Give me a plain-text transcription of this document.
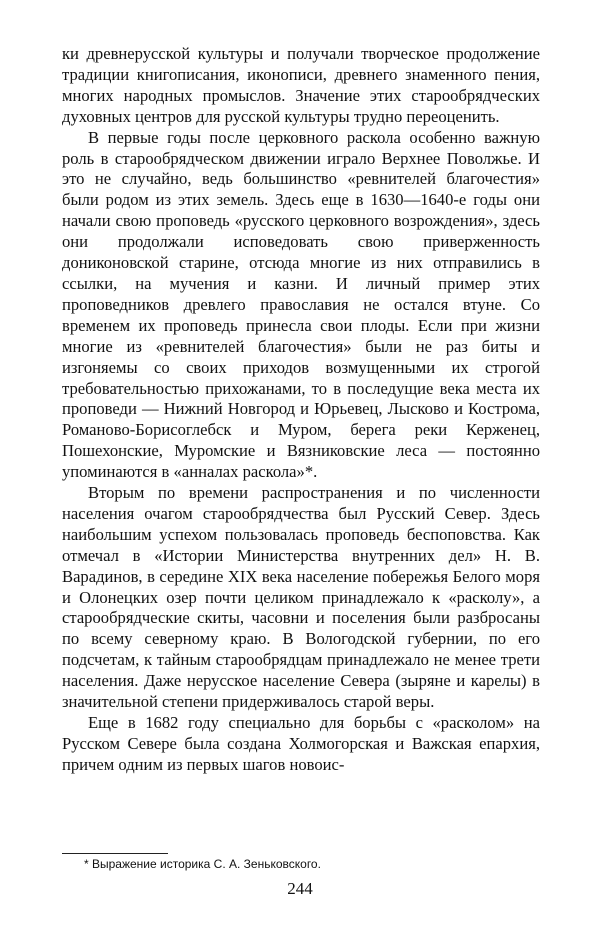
ки древнерусской культуры и получали творческое продолжение традиции книгописания, иконописи, древнего знаменного пения, многих народных промыслов. Значение этих старообрядческих духовных центров для русской культуры трудно переоценить.

В первые годы после церковного раскола особенно важную роль в старообрядческом движении играло Верхнее Поволжье. И это не случайно, ведь большинство «ревнителей благочестия» были родом из этих земель. Здесь еще в 1630—1640-е годы они начали свою проповедь «русского церковного возрождения», здесь они продолжали исповедовать свою приверженность дониконовской старине, отсюда многие из них отправились в ссылки, на мучения и казни. И личный пример этих проповедников древлего православия не остался втуне. Со временем их проповедь принесла свои плоды. Если при жизни многие из «ревнителей благочестия» были не раз биты и изгоняемы со своих приходов возмущенными их строгой требовательностью прихожанами, то в последущие века места их проповеди — Нижний Новгород и Юрьевец, Лысково и Кострома, Романово-Борисоглебск и Муром, берега реки Керженец, Пошехонские, Муромские и Вязниковские леса — постоянно упоминаются в «анналах раскола»*.

Вторым по времени распространения и по численности населения очагом старообрядчества был Русский Север. Здесь наибольшим успехом пользовалась проповедь беспоповства. Как отмечал в «Истории Министерства внутренних дел» Н. В. Варадинов, в середине XIX века население побережья Белого моря и Олонецких озер почти целиком принадлежало к «расколу», а старообрядческие скиты, часовни и поселения были разбросаны по всему северному краю. В Вологодской губернии, по его подсчетам, к тайным старообрядцам принадлежало не менее трети населения. Даже нерусское население Севера (зыряне и карелы) в значительной степени придерживалось старой веры.

Еще в 1682 году специально для борьбы с «расколом» на Русском Севере была создана Холмогорская и Важская епархия, причем одним из первых шагов новоис-

* Выражение историка С. А. Зеньковского.
244
